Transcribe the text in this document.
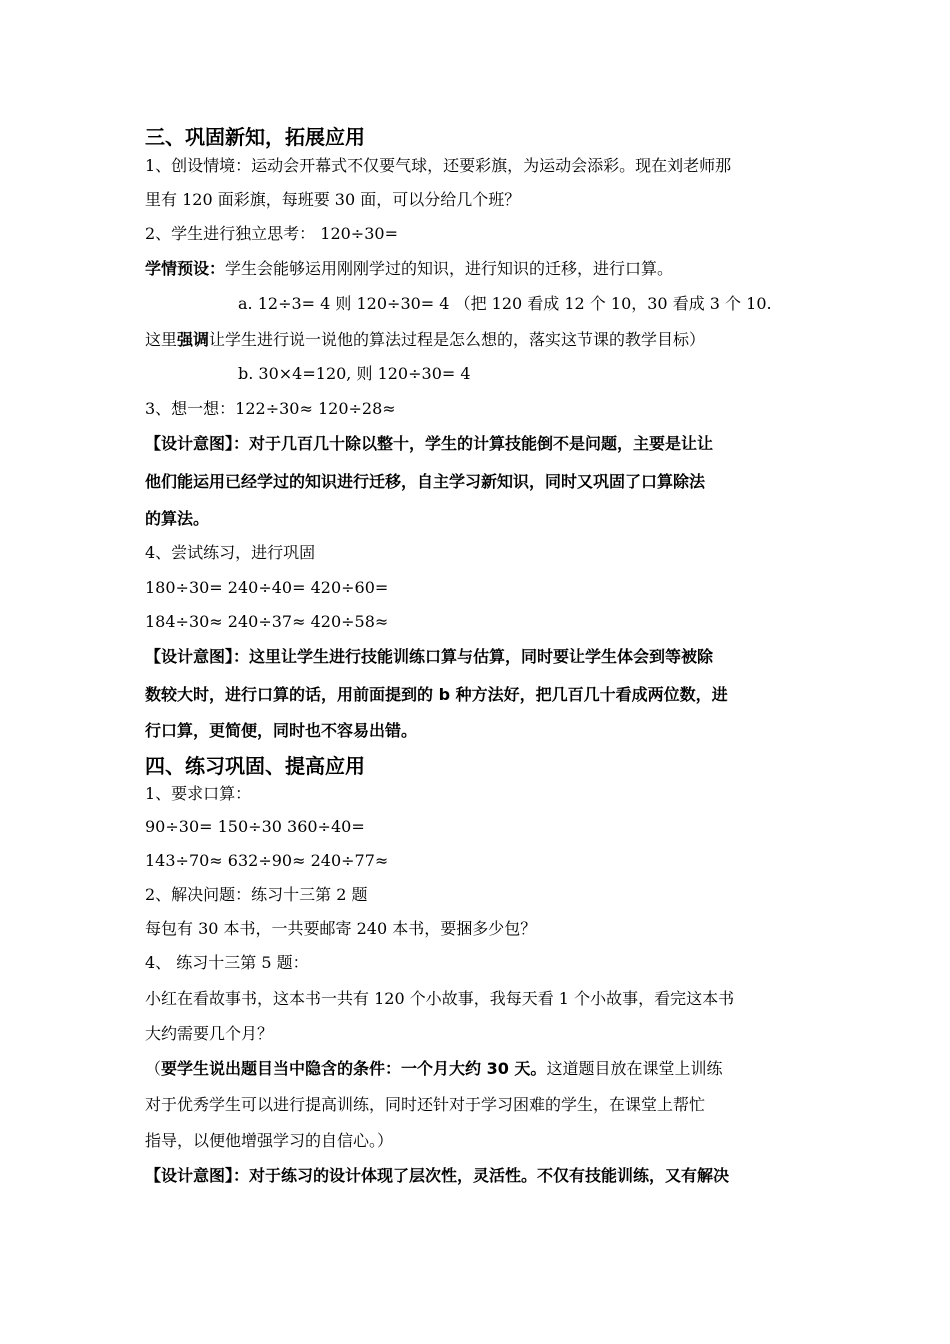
三、巩固新知，拓展应用

1、创设情境：运动会开幕式不仅要气球，还要彩旗，为运动会添彩。现在刘老师那

里有 120 面彩旗，每班要 30 面，可以分给几个班？

2、学生进行独立思考： 120÷30=

学情预设：学生会能够运用刚刚学过的知识，进行知识的迁移，进行口算。

a. 12÷3= 4 则 120÷30= 4 （把 120 看成 12 个 10，30 看成 3 个 10.

这里强调让学生进行说一说他的算法过程是怎么想的，落实这节课的教学目标）

b. 30×4=120, 则 120÷30= 4

3、想一想：122÷30≈ 120÷28≈

【设计意图】：对于几百几十除以整十，学生的计算技能倒不是问题，主要是让让

他们能运用已经学过的知识进行迁移，自主学习新知识，同时又巩固了口算除法

的算法。

4、尝试练习，进行巩固

180÷30= 240÷40= 420÷60=

184÷30≈ 240÷37≈ 420÷58≈

【设计意图】：这里让学生进行技能训练口算与估算，同时要让学生体会到等被除

数较大时，进行口算的话，用前面提到的 b 种方法好，把几百几十看成两位数，进

行口算，更简便，同时也不容易出错。

四、练习巩固、提高应用

1、要求口算：

90÷30= 150÷30 360÷40=

143÷70≈ 632÷90≈ 240÷77≈

2、解决问题：练习十三第 2 题

每包有 30 本书，一共要邮寄 240 本书，要捆多少包？

4、 练习十三第 5 题：

小红在看故事书，这本书一共有 120 个小故事，我每天看 1 个小故事，看完这本书

大约需要几个月？

（要学生说出题目当中隐含的条件：一个月大约 30 天。这道题目放在课堂上训练

对于优秀学生可以进行提高训练，同时还针对于学习困难的学生，在课堂上帮忙

指导，以便他增强学习的自信心。）

【设计意图】：对于练习的设计体现了层次性，灵活性。不仅有技能训练，又有解决
